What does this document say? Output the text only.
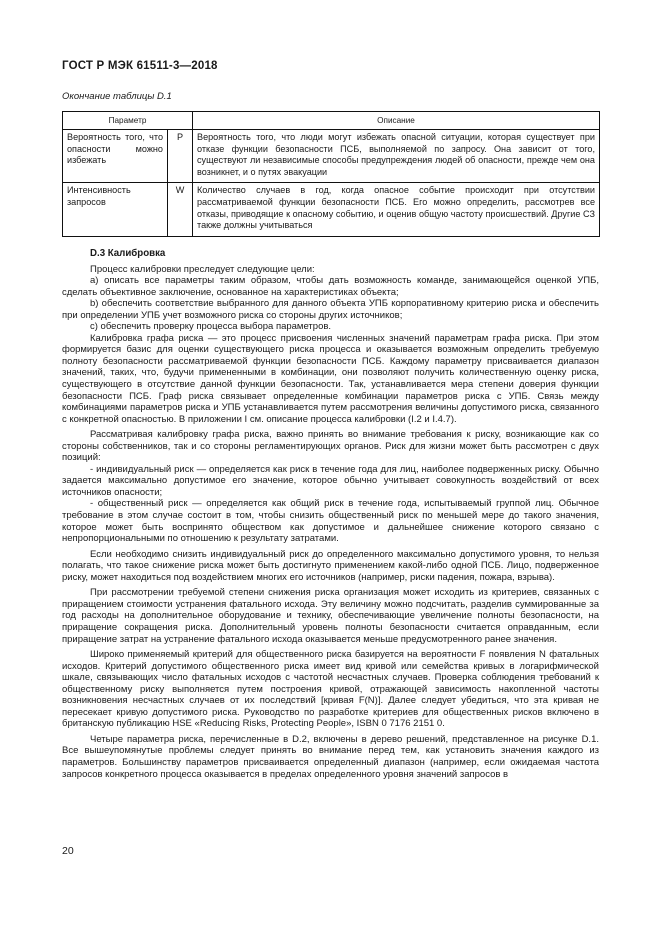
ГОСТ Р МЭК 61511-3—2018
Окончание таблицы D.1
Параметр		Описание
Вероятность того, что опасности можно избежать	P	Вероятность того, что люди могут избежать опасной ситуации, которая существует при отказе функции безопасности ПСБ, выполняемой по запросу. Она зависит от того, существуют ли независимые способы предупреждения людей об опасности, прежде чем она возникнет, и о путях эвакуации
Интенсивность запросов	W	Количество случаев в год, когда опасное событие происходит при отсутствии рассматриваемой функции безопасности ПСБ. Его можно определить, рассмотрев все отказы, приводящие к опасному событию, и оценив общую частоту происшествий. Другие СЗ также должны учитываться
D.3 Калибровка

Процесс калибровки преследует следующие цели:

a) описать все параметры таким образом, чтобы дать возможность команде, занимающейся оценкой УПБ, сделать объективное заключение, основанное на характеристиках объекта;

b) обеспечить соответствие выбранного для данного объекта УПБ корпоративному критерию риска и обеспечить при определении УПБ учет возможного риска со стороны других источников;

c) обеспечить проверку процесса выбора параметров.

Калибровка графа риска — это процесс присвоения численных значений параметрам графа риска. При этом формируется базис для оценки существующего риска процесса и оказывается возможным определить требуемую полноту безопасности рассматриваемой функции безопасности ПСБ. Каждому параметру присваивается диапазон значений, таких, что, будучи примененными в комбинации, они позволяют получить количественную оценку риска, существующего в отсутствие данной функции безопасности. Так, устанавливается мера степени доверия функции безопасности ПСБ. Граф риска связывает определенные комбинации параметров риска с УПБ. Связь между комбинациями параметров риска и УПБ устанавливается путем рассмотрения величины допустимого риска, связанного с конкретной опасностью. В приложении I см. описание процесса калибровки (I.2 и I.4.7).

Рассматривая калибровку графа риска, важно принять во внимание требования к риску, возникающие как со стороны собственников, так и со стороны регламентирующих органов. Риск для жизни может быть рассмотрен с двух позиций:

- индивидуальный риск — определяется как риск в течение года для лиц, наиболее подверженных риску. Обычно задается максимально допустимое его значение, которое обычно учитывает совокупность воздействий от всех источников опасности;

- общественный риск — определяется как общий риск в течение года, испытываемый группой лиц. Обычное требование в этом случае состоит в том, чтобы снизить общественный риск по меньшей мере до такого значения, которое может быть воспринято обществом как допустимое и дальнейшее снижение которого связано с непропорциональными по отношению к результату затратами.

Если необходимо снизить индивидуальный риск до определенного максимально допустимого уровня, то нельзя полагать, что такое снижение риска может быть достигнуто применением какой-либо одной ПСБ. Лицо, подверженное риску, может находиться под воздействием многих его источников (например, риски падения, пожара, взрыва).

При рассмотрении требуемой степени снижения риска организация может исходить из критериев, связанных с приращением стоимости устранения фатального исхода. Эту величину можно подсчитать, разделив суммированные за год расходы на дополнительное оборудование и технику, обеспечивающие увеличение полноты безопасности, на приращение сокращения риска. Дополнительный уровень полноты безопасности считается оправданным, если приращение затрат на устранение фатального исхода оказывается меньше предусмотренного ранее значения.

Широко применяемый критерий для общественного риска базируется на вероятности F появления N фатальных исходов. Критерий допустимого общественного риска имеет вид кривой или семейства кривых в логарифмической шкале, связывающих число фатальных исходов с частотой несчастных случаев. Проверка соблюдения требований к общественному риску выполняется путем построения кривой, отражающей зависимость накопленной частоты возникновения несчастных случаев от их последствий [кривая F(N)]. Далее следует убедиться, что эта кривая не пересекает кривую допустимого риска. Руководство по разработке критериев для общественных рисков включено в британскую публикацию HSE «Reducing Risks, Protecting People», ISBN 0 7176 2151 0.

Четыре параметра риска, перечисленные в D.2, включены в дерево решений, представленное на рисунке D.1. Все вышеупомянутые проблемы следует принять во внимание перед тем, как установить значения каждого из параметров. Большинству параметров присваивается определенный диапазон (например, если ожидаемая частота запросов конкретного процесса оказывается в пределах определенного уровня значений запросов в

20
